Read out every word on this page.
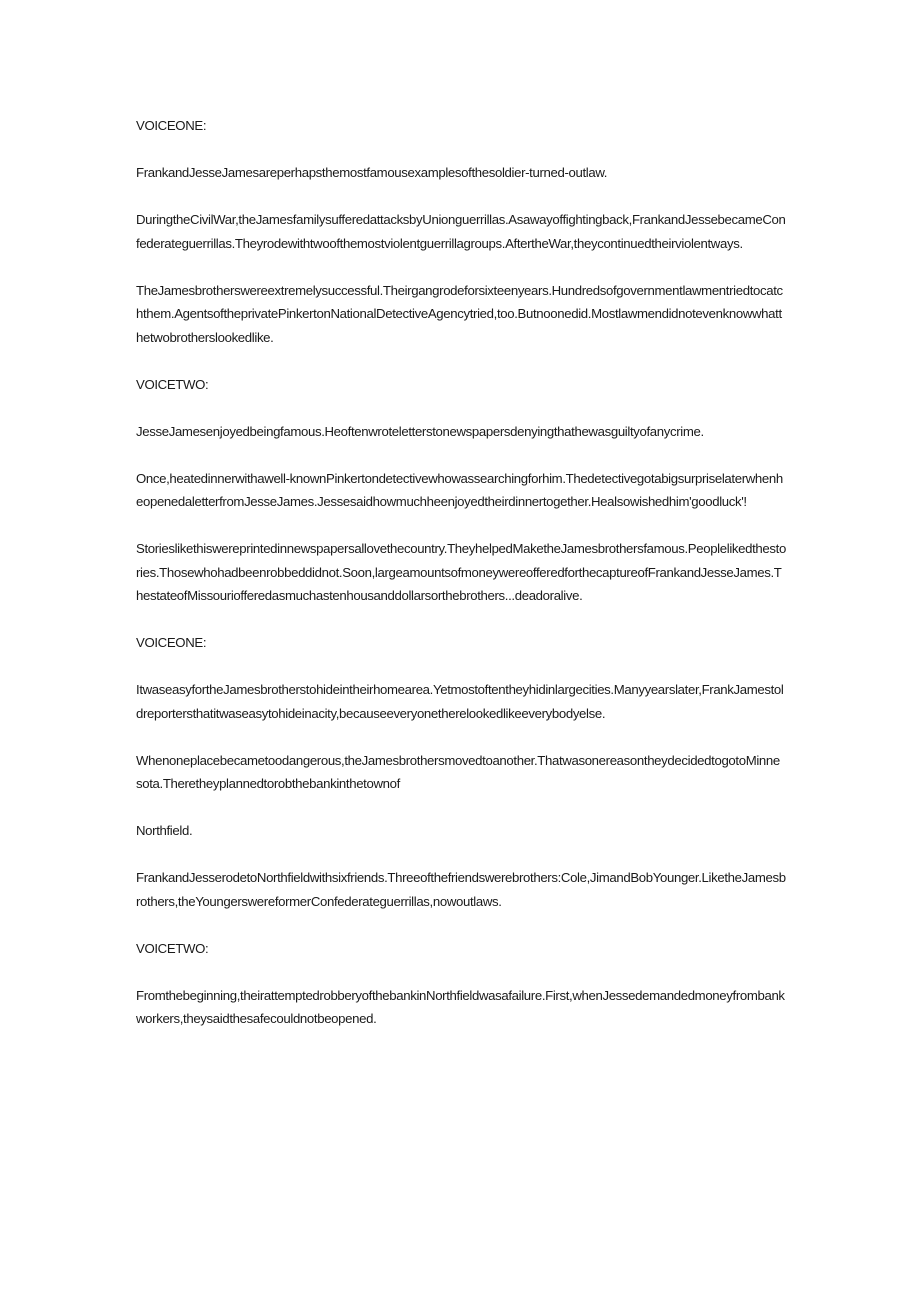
VOICEONE:

FrankandJesseJamesareperhapsthemostfamousexamplesofthesoldier-turned-outlaw.

DuringtheCivilWar,theJamesfamilysufferedattacksbyUnionguerrillas.Asawayoffightingback,FrankandJessebecameConfederateguerrillas.Theyrodewithtwoofthemostviolentguerrillagroups.AftertheWar,theycontinuedtheirviolentways.

TheJamesbrotherswereextremelysuccessful.Theirgangrodeforsixteenyears.Hundredsofgovernmentlawmentriedtocatchthem.AgentsoftheprivatePinkertonNationalDetectiveAgencytried,too.Butnoonedid.Mostlawmendidnotevenknowwhatthetwobrotherslookedlike.

VOICETWO:

JesseJamesenjoyedbeingfamous.Heoftenwroteletterstonewspapersdenyingthathewasguiltyofanycrime.

Once,heatedinnerwithawell-knownPinkertondetectivewhowassearchingforhim.ThedetectivegotabigsurpriselaterwhenheopenedaletterfromJesseJames.Jessesaidhowmuchheenjoyedtheirdinnertogether.Healsowishedhim'goodluck'!

Storieslikethiswereprintedinnewspapersallovethecountry.TheyhelpedMaketheJamesbrothersfamous.Peoplelikedthestories.Thosewhohadbeenrobbeddidnot.Soon,largeamountsofmoneywereofferedforthecaptureofFrankandJesseJames.ThestateofMissouriofferedasmuchastenhousanddollarsorthebrothers...deadoralive.

VOICEONE:

ItwaseasyfortheJamesbrotherstohideintheirhomearea.Yetmostoftentheyhidinlargecities.Manyyearslater,FrankJamestoldreportersthatitwaseasytohideinacity,becauseeveryonetherelookedlikeeverybodyelse.

Whenoneplacebecametoodangerous,theJamesbrothersmovedtoanother.ThatwasonereasontheydecidedtogotoMinnesota.Theretheyplannedtorobthebankinthetownof

Northfield.

FrankandJesserodetoNorthfieldwithsixfriends.Threeofthefriendswerebrothers:Cole,JimandBobYounger.LiketheJamesbrothers,theYoungerswereformerConfederateguerrillas,nowoutlaws.

VOICETWO:

Fromthebeginning,theirattemptedrobberyofthebankinNorthfieldwasafailure.First,whenJessedemandedmoneyfrombankworkers,theysaidthesafecouldnotbeopened.
